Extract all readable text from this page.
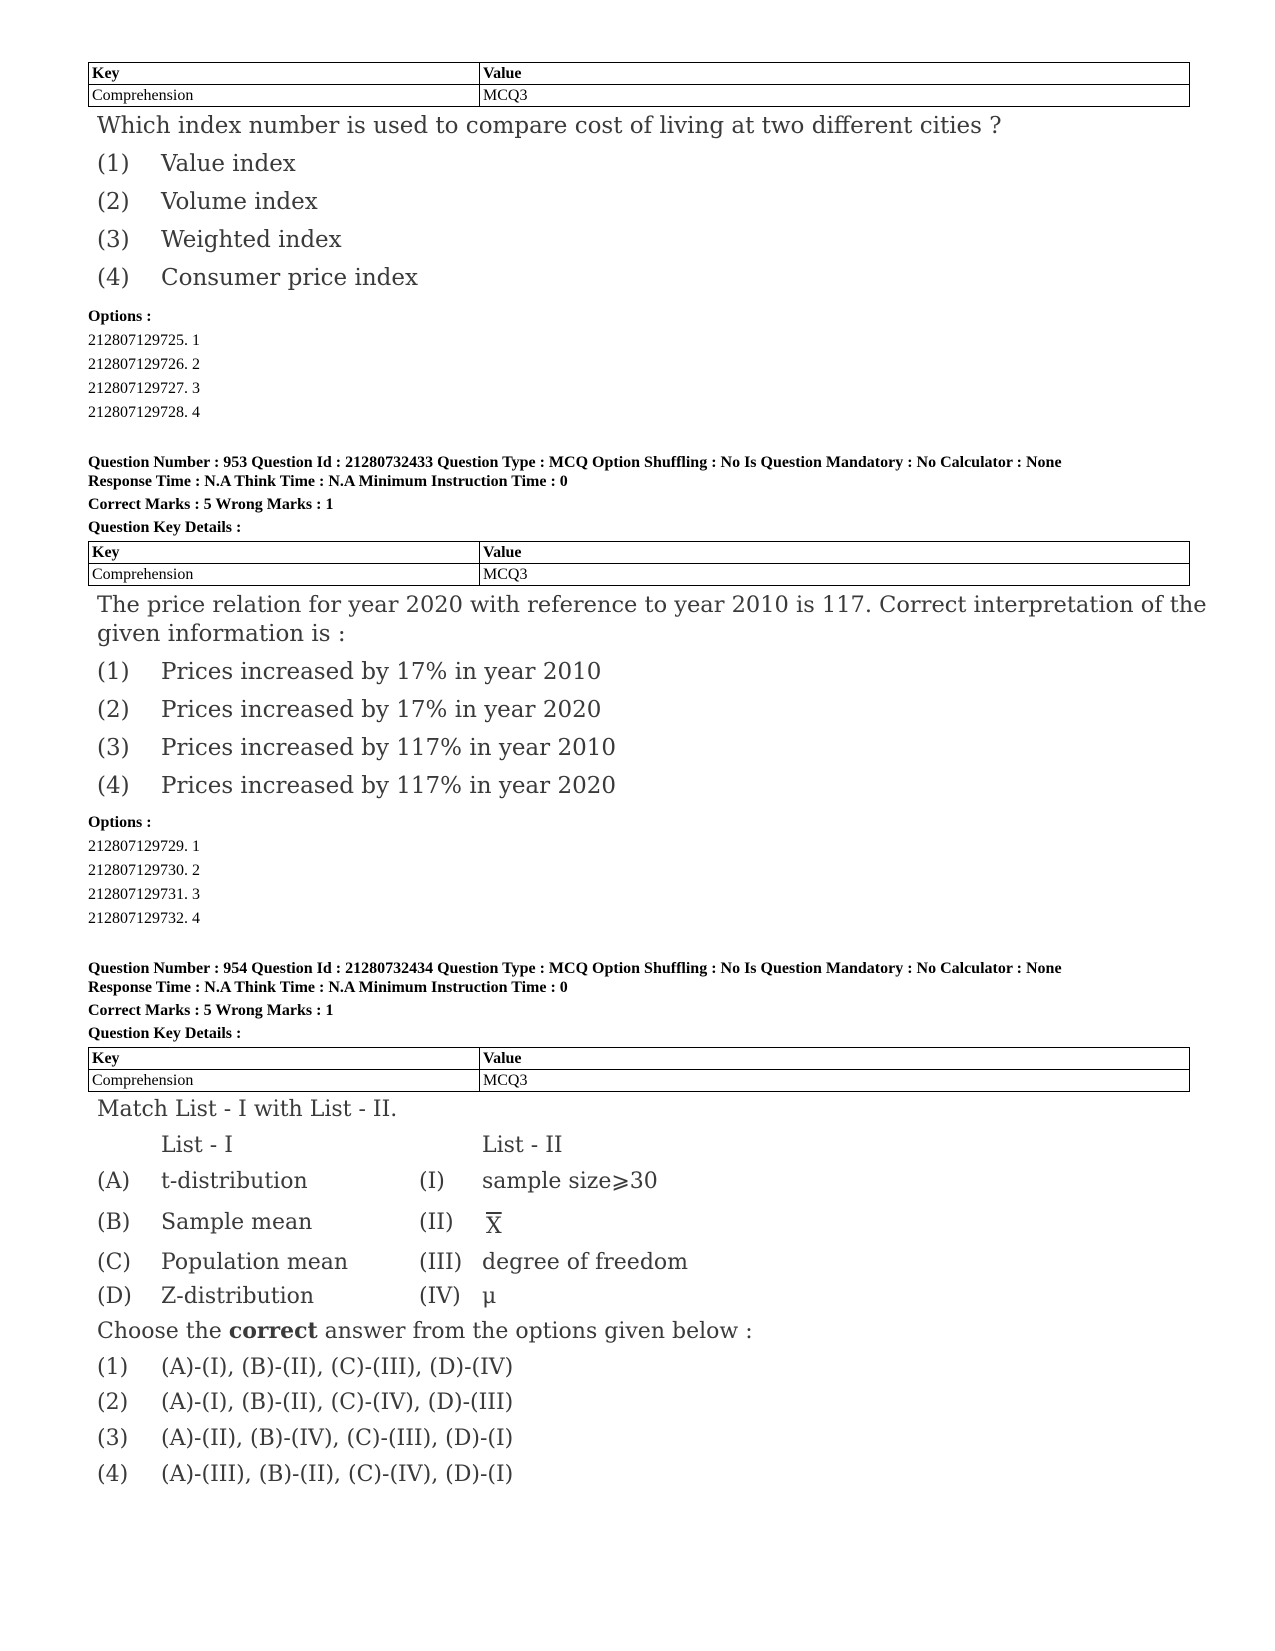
Key	Value
Comprehension	MCQ3
Which index number is used to compare cost of living at two different cities ?
(1) Value index
(2) Volume index
(3) Weighted index
(4) Consumer price index
Options :
212807129725. 1
212807129726. 2
212807129727. 3
212807129728. 4
Question Number : 953 Question Id : 21280732433 Question Type : MCQ Option Shuffling : No Is Question Mandatory : No Calculator : None
Response Time : N.A Think Time : N.A Minimum Instruction Time : 0
Correct Marks : 5 Wrong Marks : 1
Question Key Details :
Key	Value
Comprehension	MCQ3
The price relation for year 2020 with reference to year 2010 is 117. Correct interpretation of the
given information is :
(1) Prices increased by 17% in year 2010
(2) Prices increased by 17% in year 2020
(3) Prices increased by 117% in year 2010
(4) Prices increased by 117% in year 2020
Options :
212807129729. 1
212807129730. 2
212807129731. 3
212807129732. 4
Question Number : 954 Question Id : 21280732434 Question Type : MCQ Option Shuffling : No Is Question Mandatory : No Calculator : None
Response Time : N.A Think Time : N.A Minimum Instruction Time : 0
Correct Marks : 5 Wrong Marks : 1
Question Key Details :
Key	Value
Comprehension	MCQ3
Match List - I with List - II.
List - I	List - II
(A) t-distribution	(I) sample size⩾30
(B) Sample mean	(II) $\overline{X}$
(C) Population mean	(III) degree of freedom
(D) Z-distribution	(IV) μ
Choose the correct answer from the options given below :
(1) (A)-(I), (B)-(II), (C)-(III), (D)-(IV)
(2) (A)-(I), (B)-(II), (C)-(IV), (D)-(III)
(3) (A)-(II), (B)-(IV), (C)-(III), (D)-(I)
(4) (A)-(III), (B)-(II), (C)-(IV), (D)-(I)
